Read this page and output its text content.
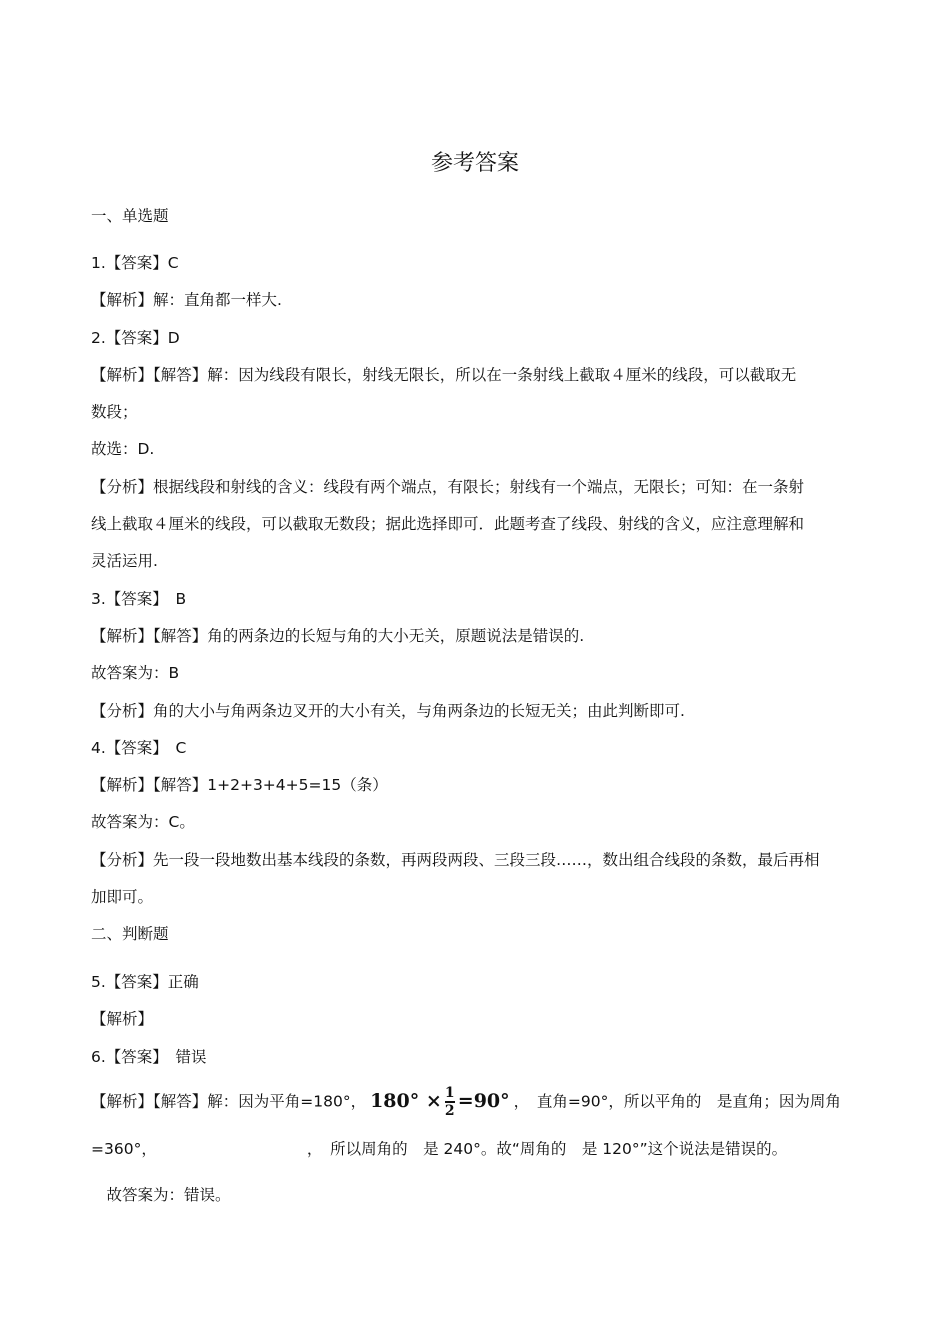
参考答案
一、单选题
1.【答案】C
【解析】解：直角都一样大.
2.【答案】D
【解析】【解答】解：因为线段有限长，射线无限长，所以在一条射线上截取４厘米的线段，可以截取无
数段；
故选：D.
【分析】根据线段和射线的含义：线段有两个端点，有限长；射线有一个端点，无限长；可知：在一条射
线上截取４厘米的线段，可以截取无数段；据此选择即可．此题考查了线段、射线的含义，应注意理解和
灵活运用.
3.【答案】　B
【解析】【解答】角的两条边的长短与角的大小无关，原题说法是错误的.
故答案为：B
【分析】角的大小与角两条边叉开的大小有关，与角两条边的长短无关；由此判断即可.
4.【答案】　C
【解析】【解答】1+2+3+4+5=15（条）
故答案为：C。
【分析】先一段一段地数出基本线段的条数，再两段两段、三段三段……，数出组合线段的条数，最后再相
加即可。
二、判断题
5.【答案】正确
【解析】
6.【答案】　错误
【解析】【解答】解：因为平角=180°， $180^\circ \times \frac{1}{2} =90^\circ$ ，　直角=90°，所以平角的　是直角；因为周角
=360°，	，　所以周角的　是 240°。故“周角的　是 120°”这个说法是错误的。
　故答案为：错误。
